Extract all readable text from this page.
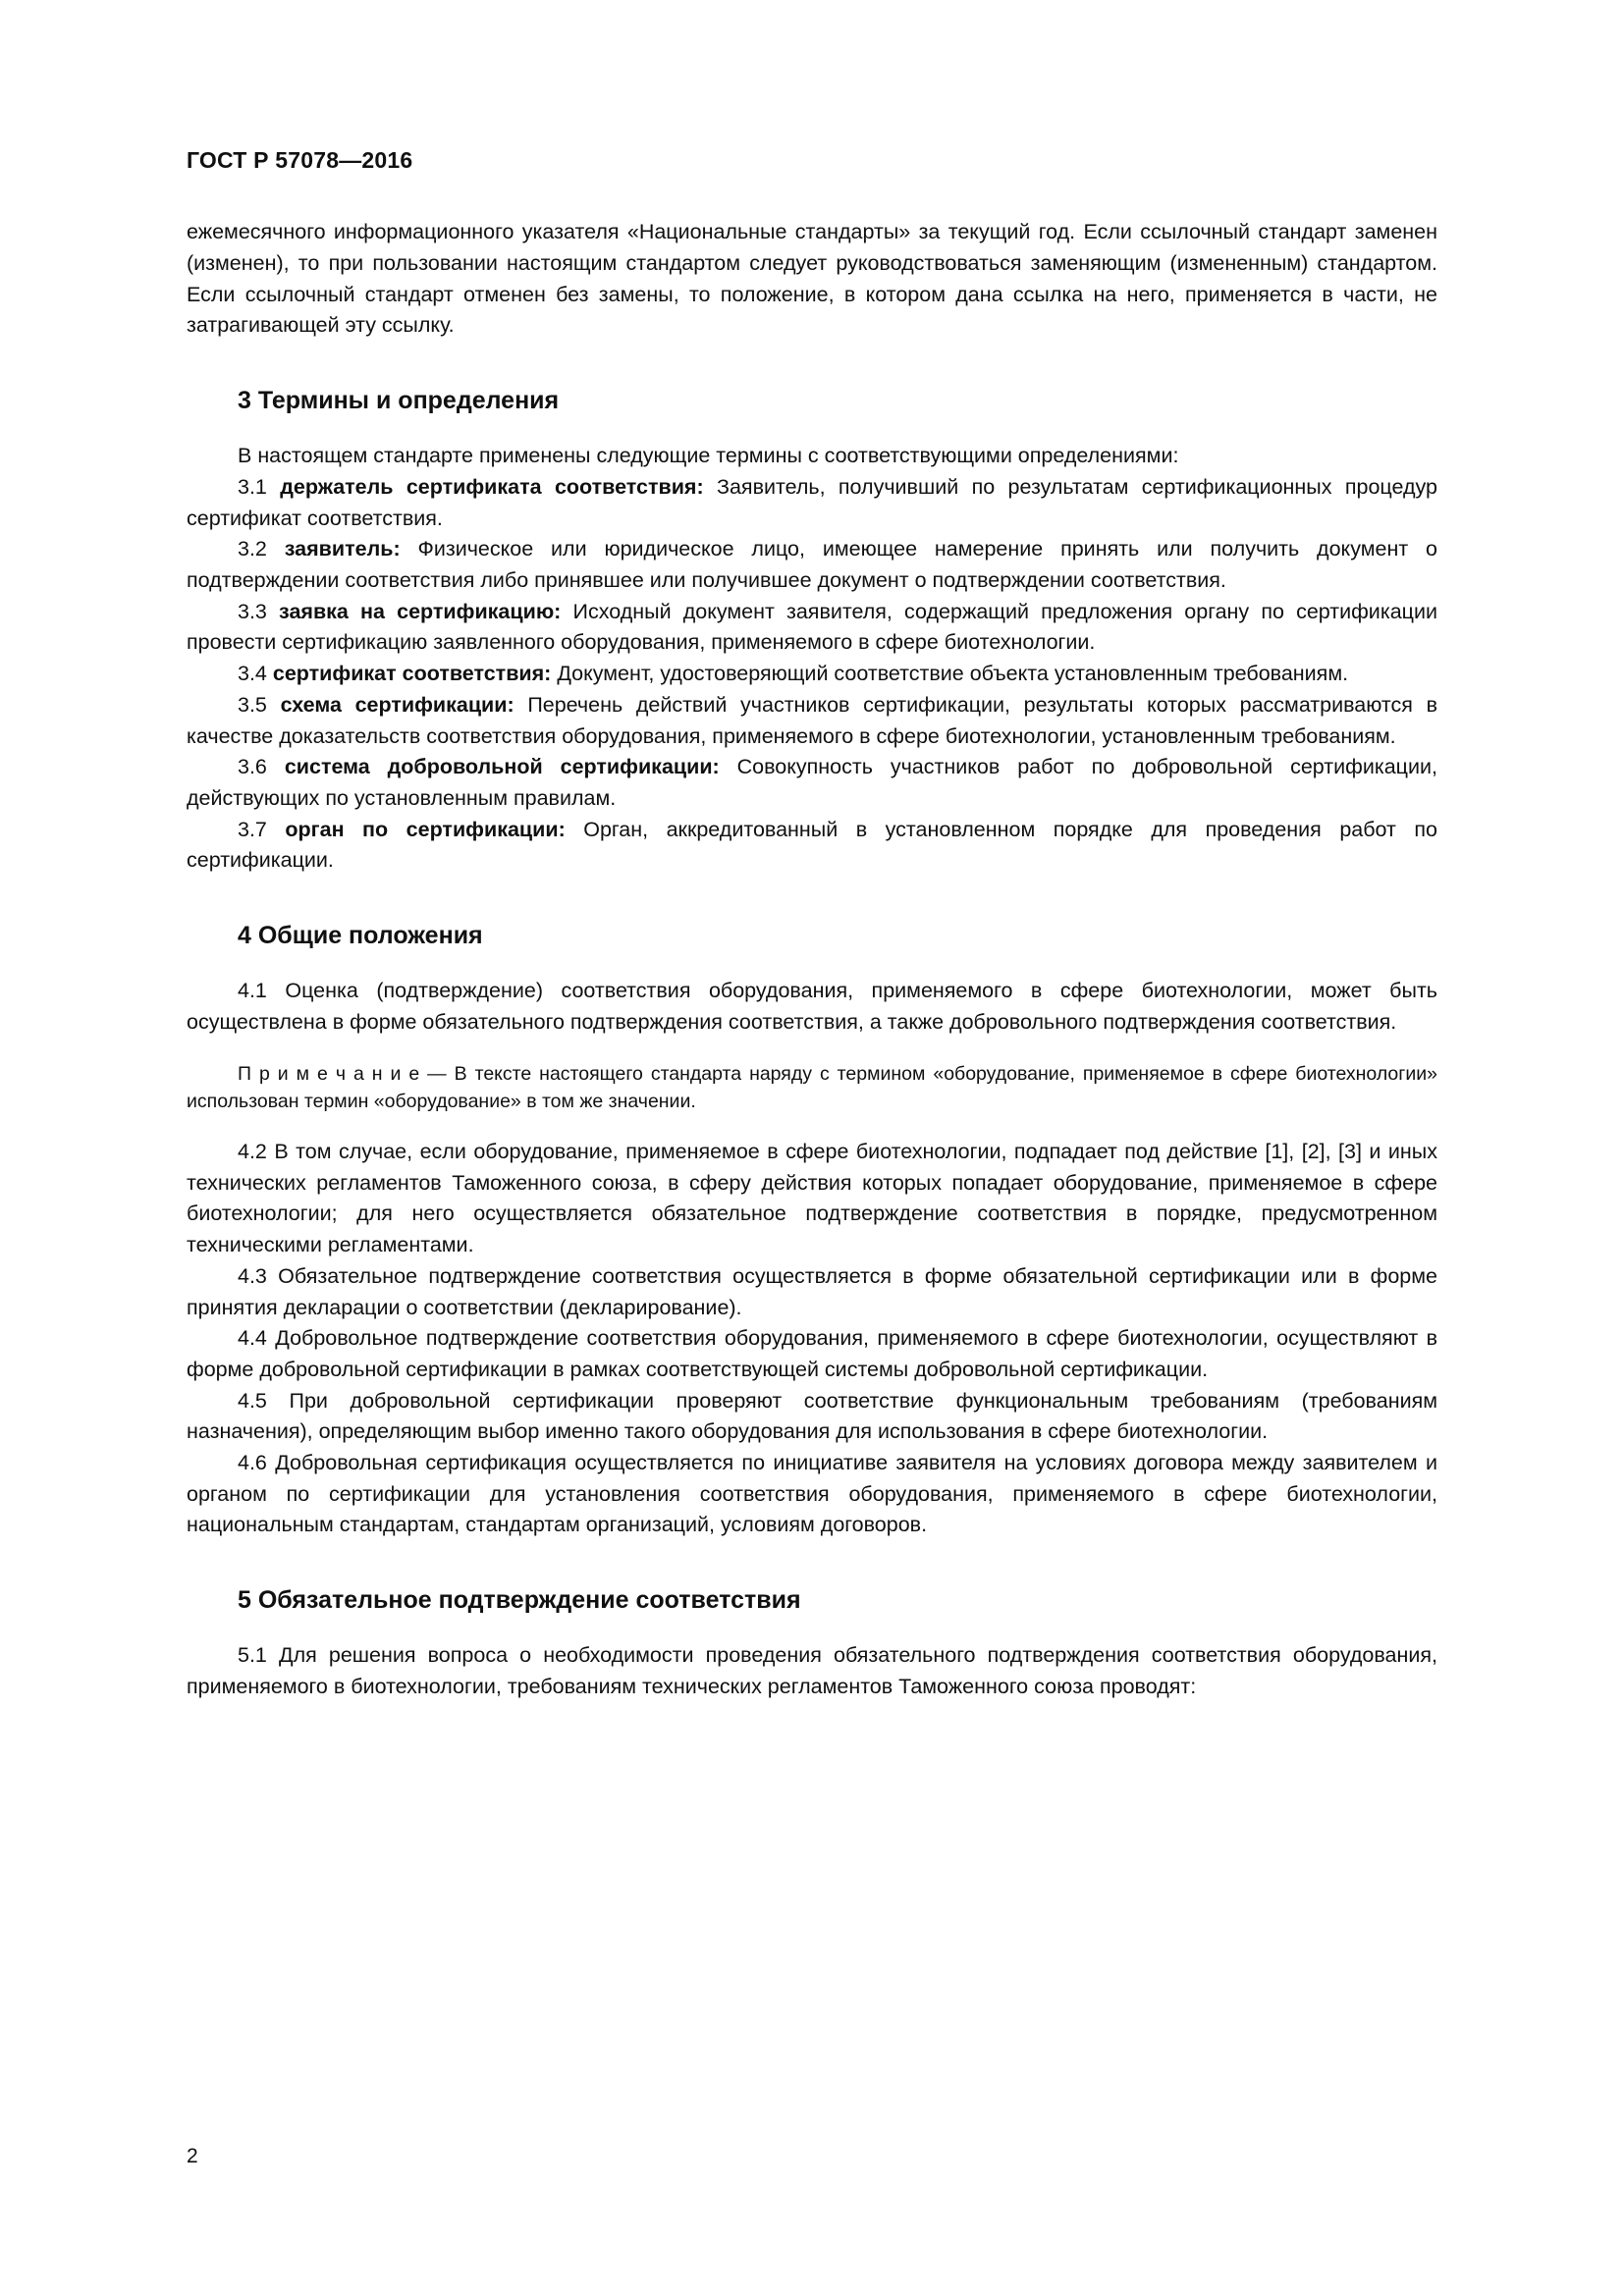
ГОСТ Р 57078—2016

ежемесячного информационного указателя «Национальные стандарты» за текущий год. Если ссылочный стандарт заменен (изменен), то при пользовании настоящим стандартом следует руководствоваться заменяющим (измененным) стандартом. Если ссылочный стандарт отменен без замены, то положение, в котором дана ссылка на него, применяется в части, не затрагивающей эту ссылку.

3 Термины и определения

В настоящем стандарте применены следующие термины с соответствующими определениями:

3.1 держатель сертификата соответствия: Заявитель, получивший по результатам сертификационных процедур сертификат соответствия.

3.2 заявитель: Физическое или юридическое лицо, имеющее намерение принять или получить документ о подтверждении соответствия либо принявшее или получившее документ о подтверждении соответствия.

3.3 заявка на сертификацию: Исходный документ заявителя, содержащий предложения органу по сертификации провести сертификацию заявленного оборудования, применяемого в сфере биотехнологии.

3.4 сертификат соответствия: Документ, удостоверяющий соответствие объекта установленным требованиям.

3.5 схема сертификации: Перечень действий участников сертификации, результаты которых рассматриваются в качестве доказательств соответствия оборудования, применяемого в сфере биотехнологии, установленным требованиям.

3.6 система добровольной сертификации: Совокупность участников работ по добровольной сертификации, действующих по установленным правилам.

3.7 орган по сертификации: Орган, аккредитованный в установленном порядке для проведения работ по сертификации.

4 Общие положения

4.1 Оценка (подтверждение) соответствия оборудования, применяемого в сфере биотехнологии, может быть осуществлена в форме обязательного подтверждения соответствия, а также добровольного подтверждения соответствия.

П р и м е ч а н и е — В тексте настоящего стандарта наряду с термином «оборудование, применяемое в сфере биотехнологии» использован термин «оборудование» в том же значении.

4.2 В том случае, если оборудование, применяемое в сфере биотехнологии, подпадает под действие [1], [2], [3] и иных технических регламентов Таможенного союза, в сферу действия которых попадает оборудование, применяемое в сфере биотехнологии; для него осуществляется обязательное подтверждение соответствия в порядке, предусмотренном техническими регламентами.

4.3 Обязательное подтверждение соответствия осуществляется в форме обязательной сертификации или в форме принятия декларации о соответствии (декларирование).

4.4 Добровольное подтверждение соответствия оборудования, применяемого в сфере биотехнологии, осуществляют в форме добровольной сертификации в рамках соответствующей системы добровольной сертификации.

4.5 При добровольной сертификации проверяют соответствие функциональным требованиям (требованиям назначения), определяющим выбор именно такого оборудования для использования в сфере биотехнологии.

4.6 Добровольная сертификация осуществляется по инициативе заявителя на условиях договора между заявителем и органом по сертификации для установления соответствия оборудования, применяемого в сфере биотехнологии, национальным стандартам, стандартам организаций, условиям договоров.

5 Обязательное подтверждение соответствия

5.1 Для решения вопроса о необходимости проведения обязательного подтверждения соответствия оборудования, применяемого в биотехнологии, требованиям технических регламентов Таможенного союза проводят:

2
